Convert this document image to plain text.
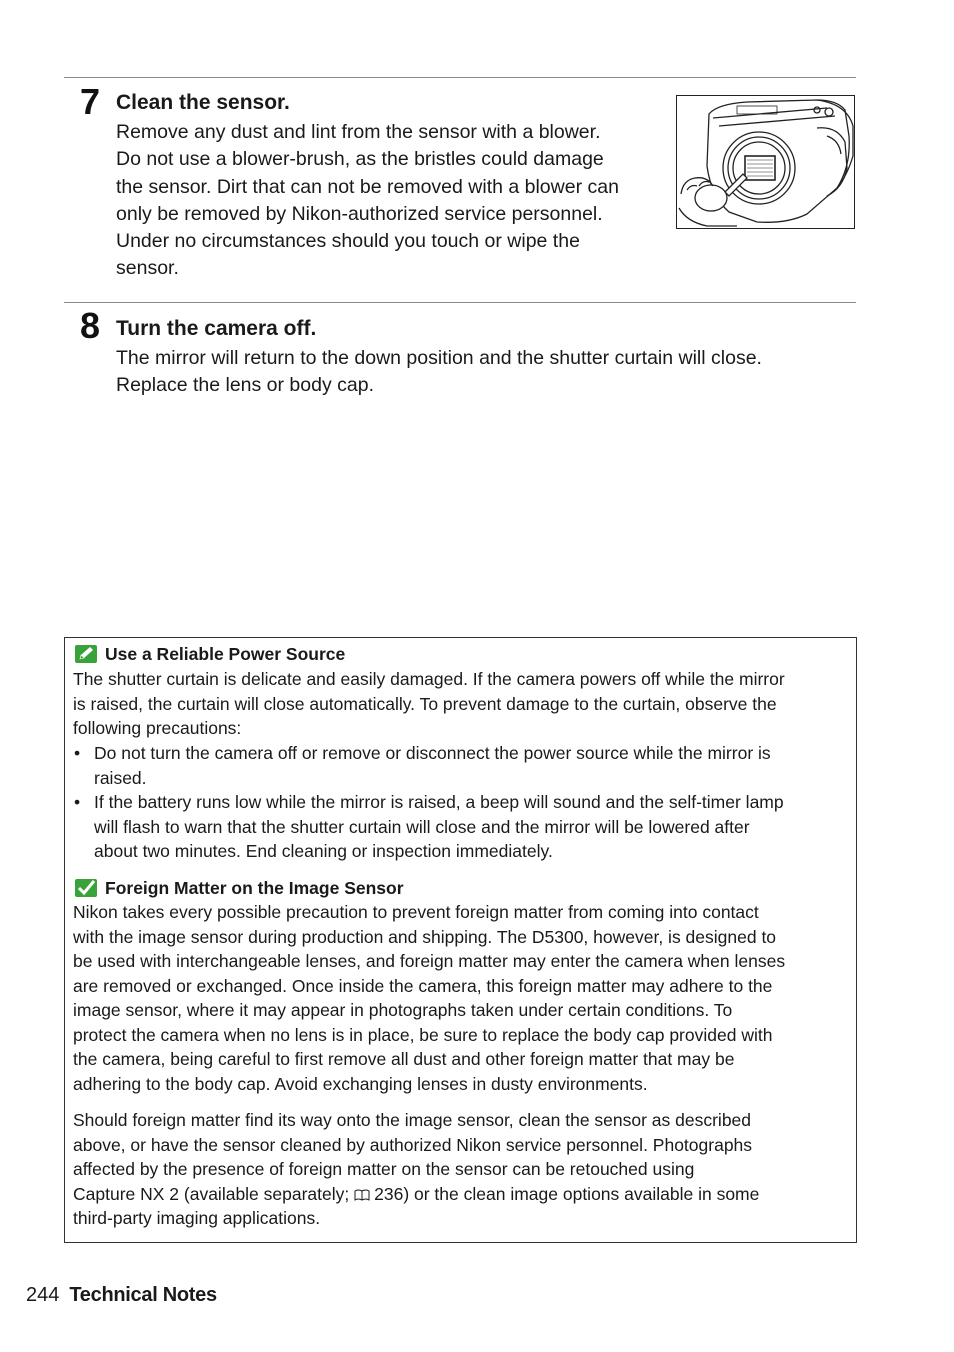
7 Clean the sensor.

Remove any dust and lint from the sensor with a blower.
Do not use a blower-brush, as the bristles could damage
the sensor. Dirt that can not be removed with a blower can
only be removed by Nikon-authorized service personnel.
Under no circumstances should you touch or wipe the
sensor.

8 Turn the camera off.

The mirror will return to the down position and the shutter curtain will close.
Replace the lens or body cap.

Use a Reliable Power Source

The shutter curtain is delicate and easily damaged. If the camera powers off while the mirror
is raised, the curtain will close automatically. To prevent damage to the curtain, observe the
following precautions:

• Do not turn the camera off or remove or disconnect the power source while the mirror is
raised.
• If the battery runs low while the mirror is raised, a beep will sound and the self-timer lamp
will flash to warn that the shutter curtain will close and the mirror will be lowered after
about two minutes. End cleaning or inspection immediately.
Foreign Matter on the Image Sensor

Nikon takes every possible precaution to prevent foreign matter from coming into contact
with the image sensor during production and shipping. The D5300, however, is designed to
be used with interchangeable lenses, and foreign matter may enter the camera when lenses
are removed or exchanged. Once inside the camera, this foreign matter may adhere to the
image sensor, where it may appear in photographs taken under certain conditions. To
protect the camera when no lens is in place, be sure to replace the body cap provided with
the camera, being careful to first remove all dust and other foreign matter that may be
adhering to the body cap. Avoid exchanging lenses in dusty environments.

Should foreign matter find its way onto the image sensor, clean the sensor as described
above, or have the sensor cleaned by authorized Nikon service personnel. Photographs
affected by the presence of foreign matter on the sensor can be retouched using
Capture NX 2 (available separately; 236) or the clean image options available in some
third-party imaging applications.

244 Technical Notes
